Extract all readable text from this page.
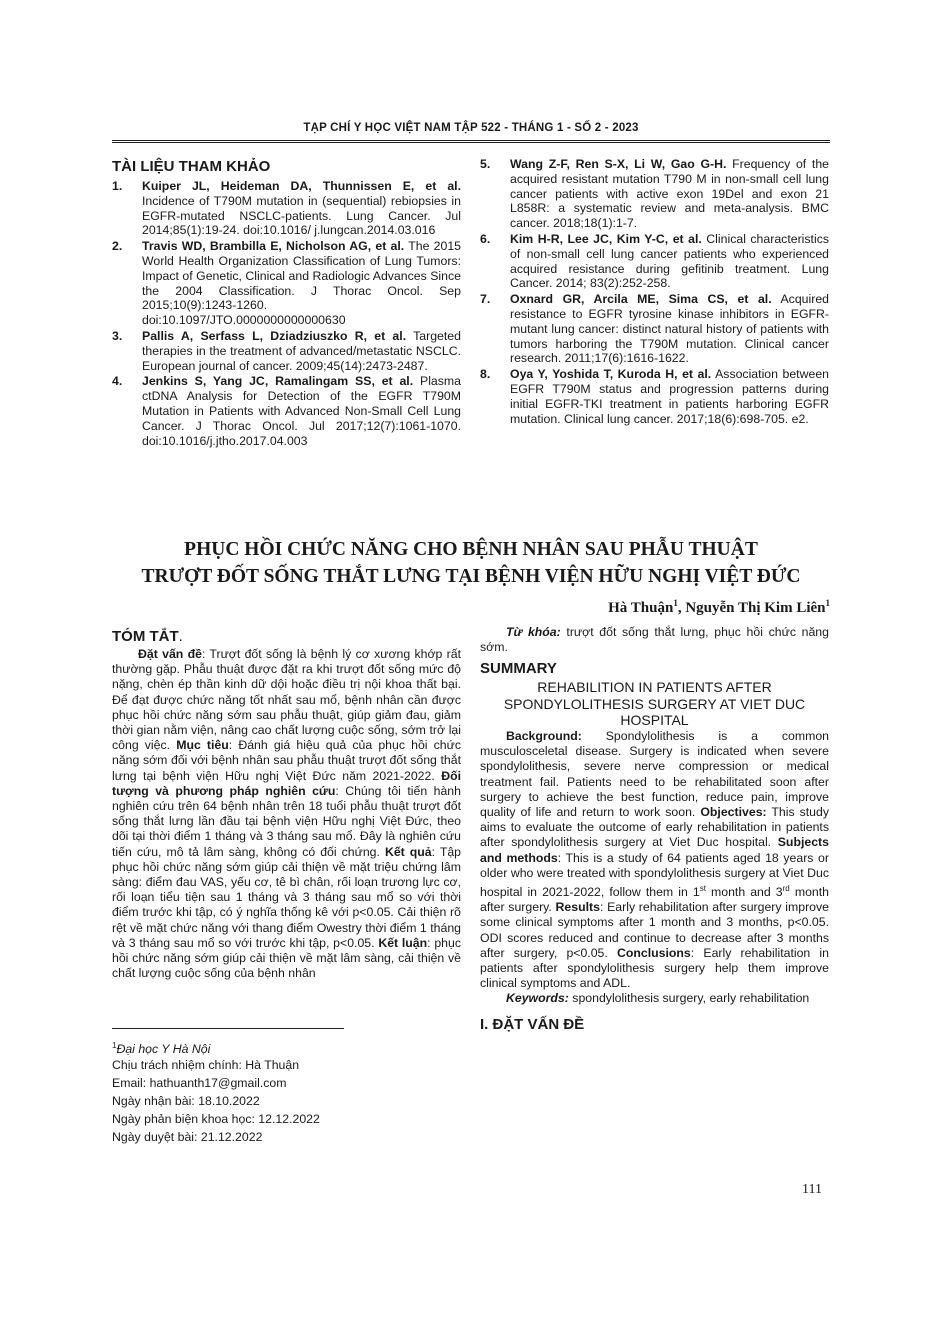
TẠP CHÍ Y HỌC VIỆT NAM TẬP 522 - THÁNG 1 - SỐ 2 - 2023
TÀI LIỆU THAM KHẢO
1. Kuiper JL, Heideman DA, Thunnissen E, et al. Incidence of T790M mutation in (sequential) rebiopsies in EGFR-mutated NSCLC-patients. Lung Cancer. Jul 2014;85(1):19-24. doi:10.1016/ j.lungcan.2014.03.016
2. Travis WD, Brambilla E, Nicholson AG, et al. The 2015 World Health Organization Classification of Lung Tumors: Impact of Genetic, Clinical and Radiologic Advances Since the 2004 Classification. J Thorac Oncol. Sep 2015;10(9):1243-1260. doi:10.1097/JTO.0000000000000630
3. Pallis A, Serfass L, Dziadziuszko R, et al. Targeted therapies in the treatment of advanced/metastatic NSCLC. European journal of cancer. 2009;45(14):2473-2487.
4. Jenkins S, Yang JC, Ramalingam SS, et al. Plasma ctDNA Analysis for Detection of the EGFR T790M Mutation in Patients with Advanced Non-Small Cell Lung Cancer. J Thorac Oncol. Jul 2017;12(7):1061-1070. doi:10.1016/j.jtho.2017.04.003
5. Wang Z-F, Ren S-X, Li W, Gao G-H. Frequency of the acquired resistant mutation T790 M in non-small cell lung cancer patients with active exon 19Del and exon 21 L858R: a systematic review and meta-analysis. BMC cancer. 2018;18(1):1-7.
6. Kim H-R, Lee JC, Kim Y-C, et al. Clinical characteristics of non-small cell lung cancer patients who experienced acquired resistance during gefitinib treatment. Lung Cancer. 2014; 83(2):252-258.
7. Oxnard GR, Arcila ME, Sima CS, et al. Acquired resistance to EGFR tyrosine kinase inhibitors in EGFR-mutant lung cancer: distinct natural history of patients with tumors harboring the T790M mutation. Clinical cancer research. 2011;17(6):1616-1622.
8. Oya Y, Yoshida T, Kuroda H, et al. Association between EGFR T790M status and progression patterns during initial EGFR-TKI treatment in patients harboring EGFR mutation. Clinical lung cancer. 2017;18(6):698-705. e2.
PHỤC HỒI CHỨC NĂNG CHO BỆNH NHÂN SAU PHẪU THUẬT
TRƯỢT ĐỐT SỐNG THẮT LƯNG TẠI BỆNH VIỆN HỮU NGHỊ VIỆT ĐỨC
Hà Thuận$^1$, Nguyễn Thị Kim Liên$^1$
TÓM TẮT.
Đặt vấn đề: Trượt đốt sống là bệnh lý cơ xương khớp rất thường gặp. Phẫu thuật được đặt ra khi trượt đốt sống mức độ nặng, chèn ép thần kinh dữ dội hoặc điều trị nội khoa thất bại. Để đạt được chức năng tốt nhất sau mổ, bệnh nhân cần được phục hồi chức năng sớm sau phẫu thuật, giúp giảm đau, giảm thời gian nằm viện, nâng cao chất lượng cuộc sống, sớm trở lại công việc. Mục tiêu: Đánh giá hiệu quả của phục hồi chức năng sớm đối với bệnh nhân sau phẫu thuật trượt đốt sống thắt lưng tại bệnh viện Hữu nghị Việt Đức năm 2021-2022. Đối tượng và phương pháp nghiên cứu: Chúng tôi tiến hành nghiên cứu trên 64 bệnh nhân trên 18 tuổi phẫu thuật trượt đốt sống thắt lưng lần đầu tại bệnh viện Hữu nghị Việt Đức, theo dõi tại thời điểm 1 tháng và 3 tháng sau mổ. Đây là nghiên cứu tiến cứu, mô tả lâm sàng, không có đối chứng. Kết quả: Tập phục hồi chức năng sớm giúp cải thiện về mặt triệu chứng lâm sàng: điểm đau VAS, yếu cơ, tê bì chân, rối loạn trương lực cơ, rối loạn tiểu tiện sau 1 tháng và 3 tháng sau mổ so với thời điểm trước khi tập, có ý nghĩa thống kê với p<0.05. Cải thiện rõ rệt về mặt chức năng với thang điểm Owestry thời điểm 1 tháng và 3 tháng sau mổ so với trước khi tập, p<0.05. Kết luận: phục hồi chức năng sớm giúp cải thiện về mặt lâm sàng, cải thiện về chất lượng cuộc sống của bệnh nhân
Từ khóa: trượt đốt sống thắt lưng, phục hồi chức năng sớm.
SUMMARY
REHABILITION IN PATIENTS AFTER SPONDYLOLITHESIS SURGERY AT VIET DUC HOSPITAL
Background: Spondylolithesis is a common musculosceletal disease. Surgery is indicated when severe spondylolithesis, severe nerve compression or medical treatment fail. Patients need to be rehabilitated soon after surgery to achieve the best function, reduce pain, improve quality of life and return to work soon. Objectives: This study aims to evaluate the outcome of early rehabilitation in patients after spondylolithesis surgery at Viet Duc hospital. Subjects and methods: This is a study of 64 patients aged 18 years or older who were treated with spondylolithesis surgery at Viet Duc hospital in 2021-2022, follow them in 1st month and 3rd month after surgery. Results: Early rehabilitation after surgery improve some clinical symptoms after 1 month and 3 months, p<0.05. ODI scores reduced and continue to decrease after 3 months after surgery, p<0.05. Conclusions: Early rehabilitation in patients after spondylolithesis surgery help them improve clinical symptoms and ADL.
Keywords: spondylolithesis surgery, early rehabilitation
I. ĐẶT VẤN ĐỀ
$^1$Đại học Y Hà Nội
Chịu trách nhiệm chính: Hà Thuận
Email: hathuanth17@gmail.com
Ngày nhận bài: 18.10.2022
Ngày phản biện khoa học: 12.12.2022
Ngày duyệt bài: 21.12.2022
111
